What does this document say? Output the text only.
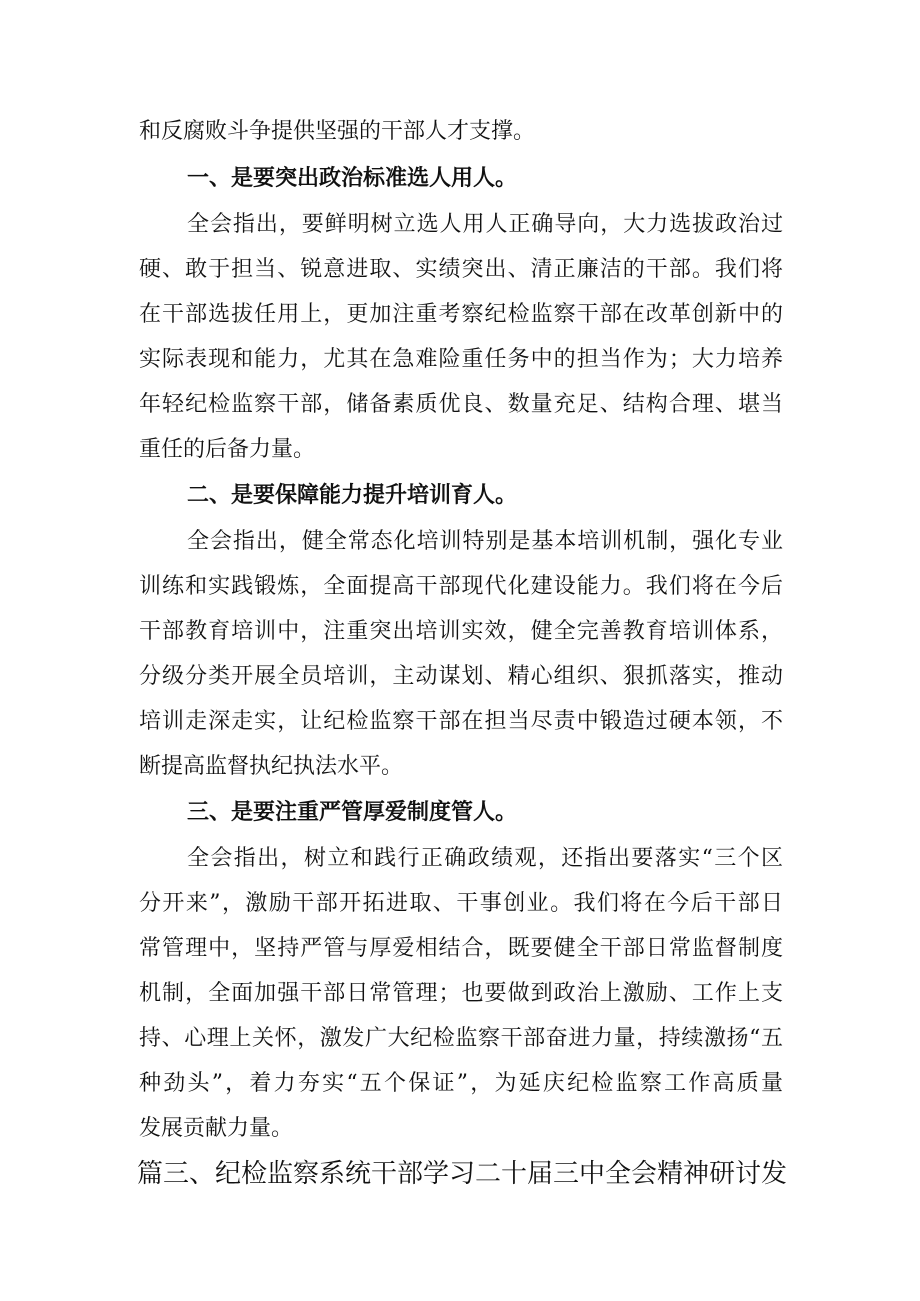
和反腐败斗争提供坚强的干部人才支撑。
一、是要突出政治标准选人用人。
全会指出，要鲜明树立选人用人正确导向，大力选拔政治过
硬、敢于担当、锐意进取、实绩突出、清正廉洁的干部。我们将
在干部选拔任用上，更加注重考察纪检监察干部在改革创新中的
实际表现和能力，尤其在急难险重任务中的担当作为；大力培养
年轻纪检监察干部，储备素质优良、数量充足、结构合理、堪当
重任的后备力量。
二、是要保障能力提升培训育人。
全会指出，健全常态化培训特别是基本培训机制，强化专业
训练和实践锻炼，全面提高干部现代化建设能力。我们将在今后
干部教育培训中，注重突出培训实效，健全完善教育培训体系，
分级分类开展全员培训，主动谋划、精心组织、狠抓落实，推动
培训走深走实，让纪检监察干部在担当尽责中锻造过硬本领，不
断提高监督执纪执法水平。
三、是要注重严管厚爱制度管人。
全会指出，树立和践行正确政绩观，还指出要落实“三个区
分开来”，激励干部开拓进取、干事创业。我们将在今后干部日
常管理中，坚持严管与厚爱相结合，既要健全干部日常监督制度
机制，全面加强干部日常管理；也要做到政治上激励、工作上支
持、心理上关怀，激发广大纪检监察干部奋进力量，持续激扬“五
种劲头”，着力夯实“五个保证”，为延庆纪检监察工作高质量
发展贡献力量。
篇三、纪检监察系统干部学习二十届三中全会精神研讨发
